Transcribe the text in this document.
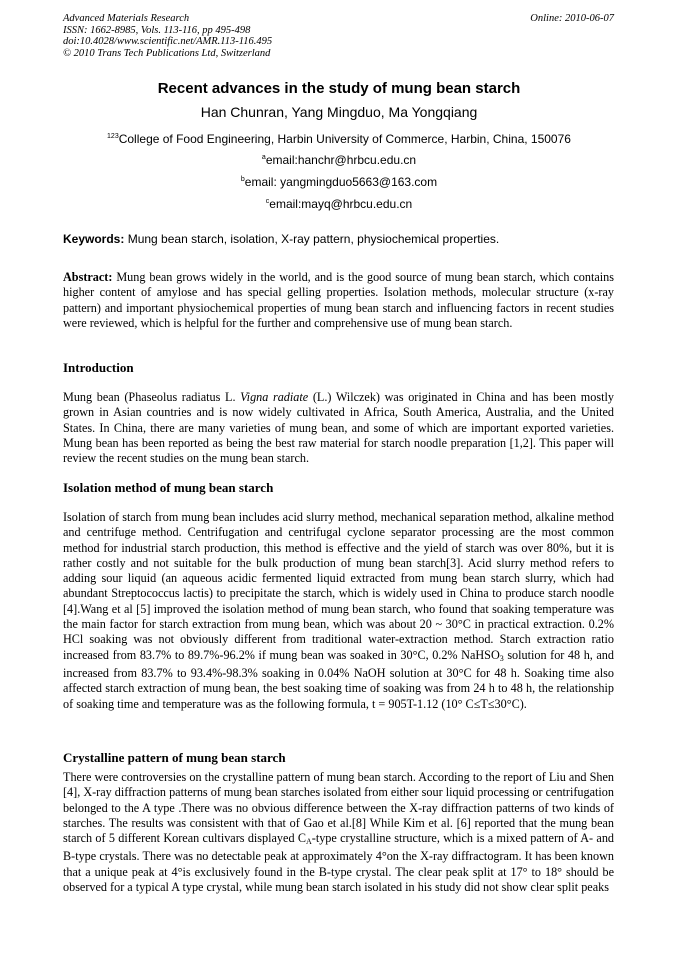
Advanced Materials Research
ISSN: 1662-8985, Vols. 113-116, pp 495-498
doi:10.4028/www.scientific.net/AMR.113-116.495
© 2010 Trans Tech Publications Ltd, Switzerland
Online: 2010-06-07
Recent advances in the study of mung bean starch
Han Chunran, Yang Mingduo, Ma Yongqiang
$^{123}$College of Food Engineering, Harbin University of Commerce, Harbin, China, 150076
$^a$email:hanchr@hrbcu.edu.cn
$^b$email: yangmingduo5663@163.com
$^c$email:mayq@hrbcu.edu.cn
Keywords: Mung bean starch, isolation, X-ray pattern, physiochemical properties.
Abstract: Mung bean grows widely in the world, and is the good source of mung bean starch, which contains higher content of amylose and has special gelling properties. Isolation methods, molecular structure (x-ray pattern) and important physiochemical properties of mung bean starch and influencing factors in recent studies were reviewed, which is helpful for the further and comprehensive use of mung bean starch.
Introduction
Mung bean (Phaseolus radiatus L. Vigna radiate (L.) Wilczek) was originated in China and has been mostly grown in Asian countries and is now widely cultivated in Africa, South America, Australia, and the United States. In China, there are many varieties of mung bean, and some of which are important exported varieties. Mung bean has been reported as being the best raw material for starch noodle preparation [1,2]. This paper will review the recent studies on the mung bean starch.
Isolation method of mung bean starch
Isolation of starch from mung bean includes acid slurry method, mechanical separation method, alkaline method and centrifuge method. Centrifugation and centrifugal cyclone separator processing are the most common method for industrial starch production, this method is effective and the yield of starch was over 80%, but it is rather costly and not suitable for the bulk production of mung bean starch[3]. Acid slurry method refers to adding sour liquid (an aqueous acidic fermented liquid extracted from mung bean starch slurry, which had abundant Streptococcus lactis) to precipitate the starch, which is widely used in China to produce starch noodle [4].Wang et al [5] improved the isolation method of mung bean starch, who found that soaking temperature was the main factor for starch extraction from mung bean, which was about 20 ~ 30°C in practical extraction. 0.2% HCl soaking was not obviously different from traditional water-extraction method. Starch extraction ratio increased from 83.7% to 89.7%-96.2% if mung bean was soaked in 30°C, 0.2% NaHSO$_3$ solution for 48 h, and increased from 83.7% to 93.4%-98.3% soaking in 0.04% NaOH solution at 30°C for 48 h. Soaking time also affected starch extraction of mung bean, the best soaking time of soaking was from 24 h to 48 h, the relationship of soaking time and temperature was as the following formula, t = 905T-1.12 (10° C≤T≤30°C).
Crystalline pattern of mung bean starch
There were controversies on the crystalline pattern of mung bean starch. According to the report of Liu and Shen [4], X-ray diffraction patterns of mung bean starches isolated from either sour liquid processing or centrifugation belonged to the A type .There was no obvious difference between the X-ray diffraction patterns of two kinds of starches. The results was consistent with that of Gao et al.[8] While Kim et al. [6] reported that the mung bean starch of 5 different Korean cultivars displayed $C_A$-type crystalline structure, which is a mixed pattern of A- and B-type crystals. There was no detectable peak at approximately 4°on the X-ray diffractogram. It has been known that a unique peak at 4°is exclusively found in the B-type crystal. The clear peak split at 17° to 18° should be observed for a typical A type crystal, while mung bean starch isolated in his study did not show clear split peaks
